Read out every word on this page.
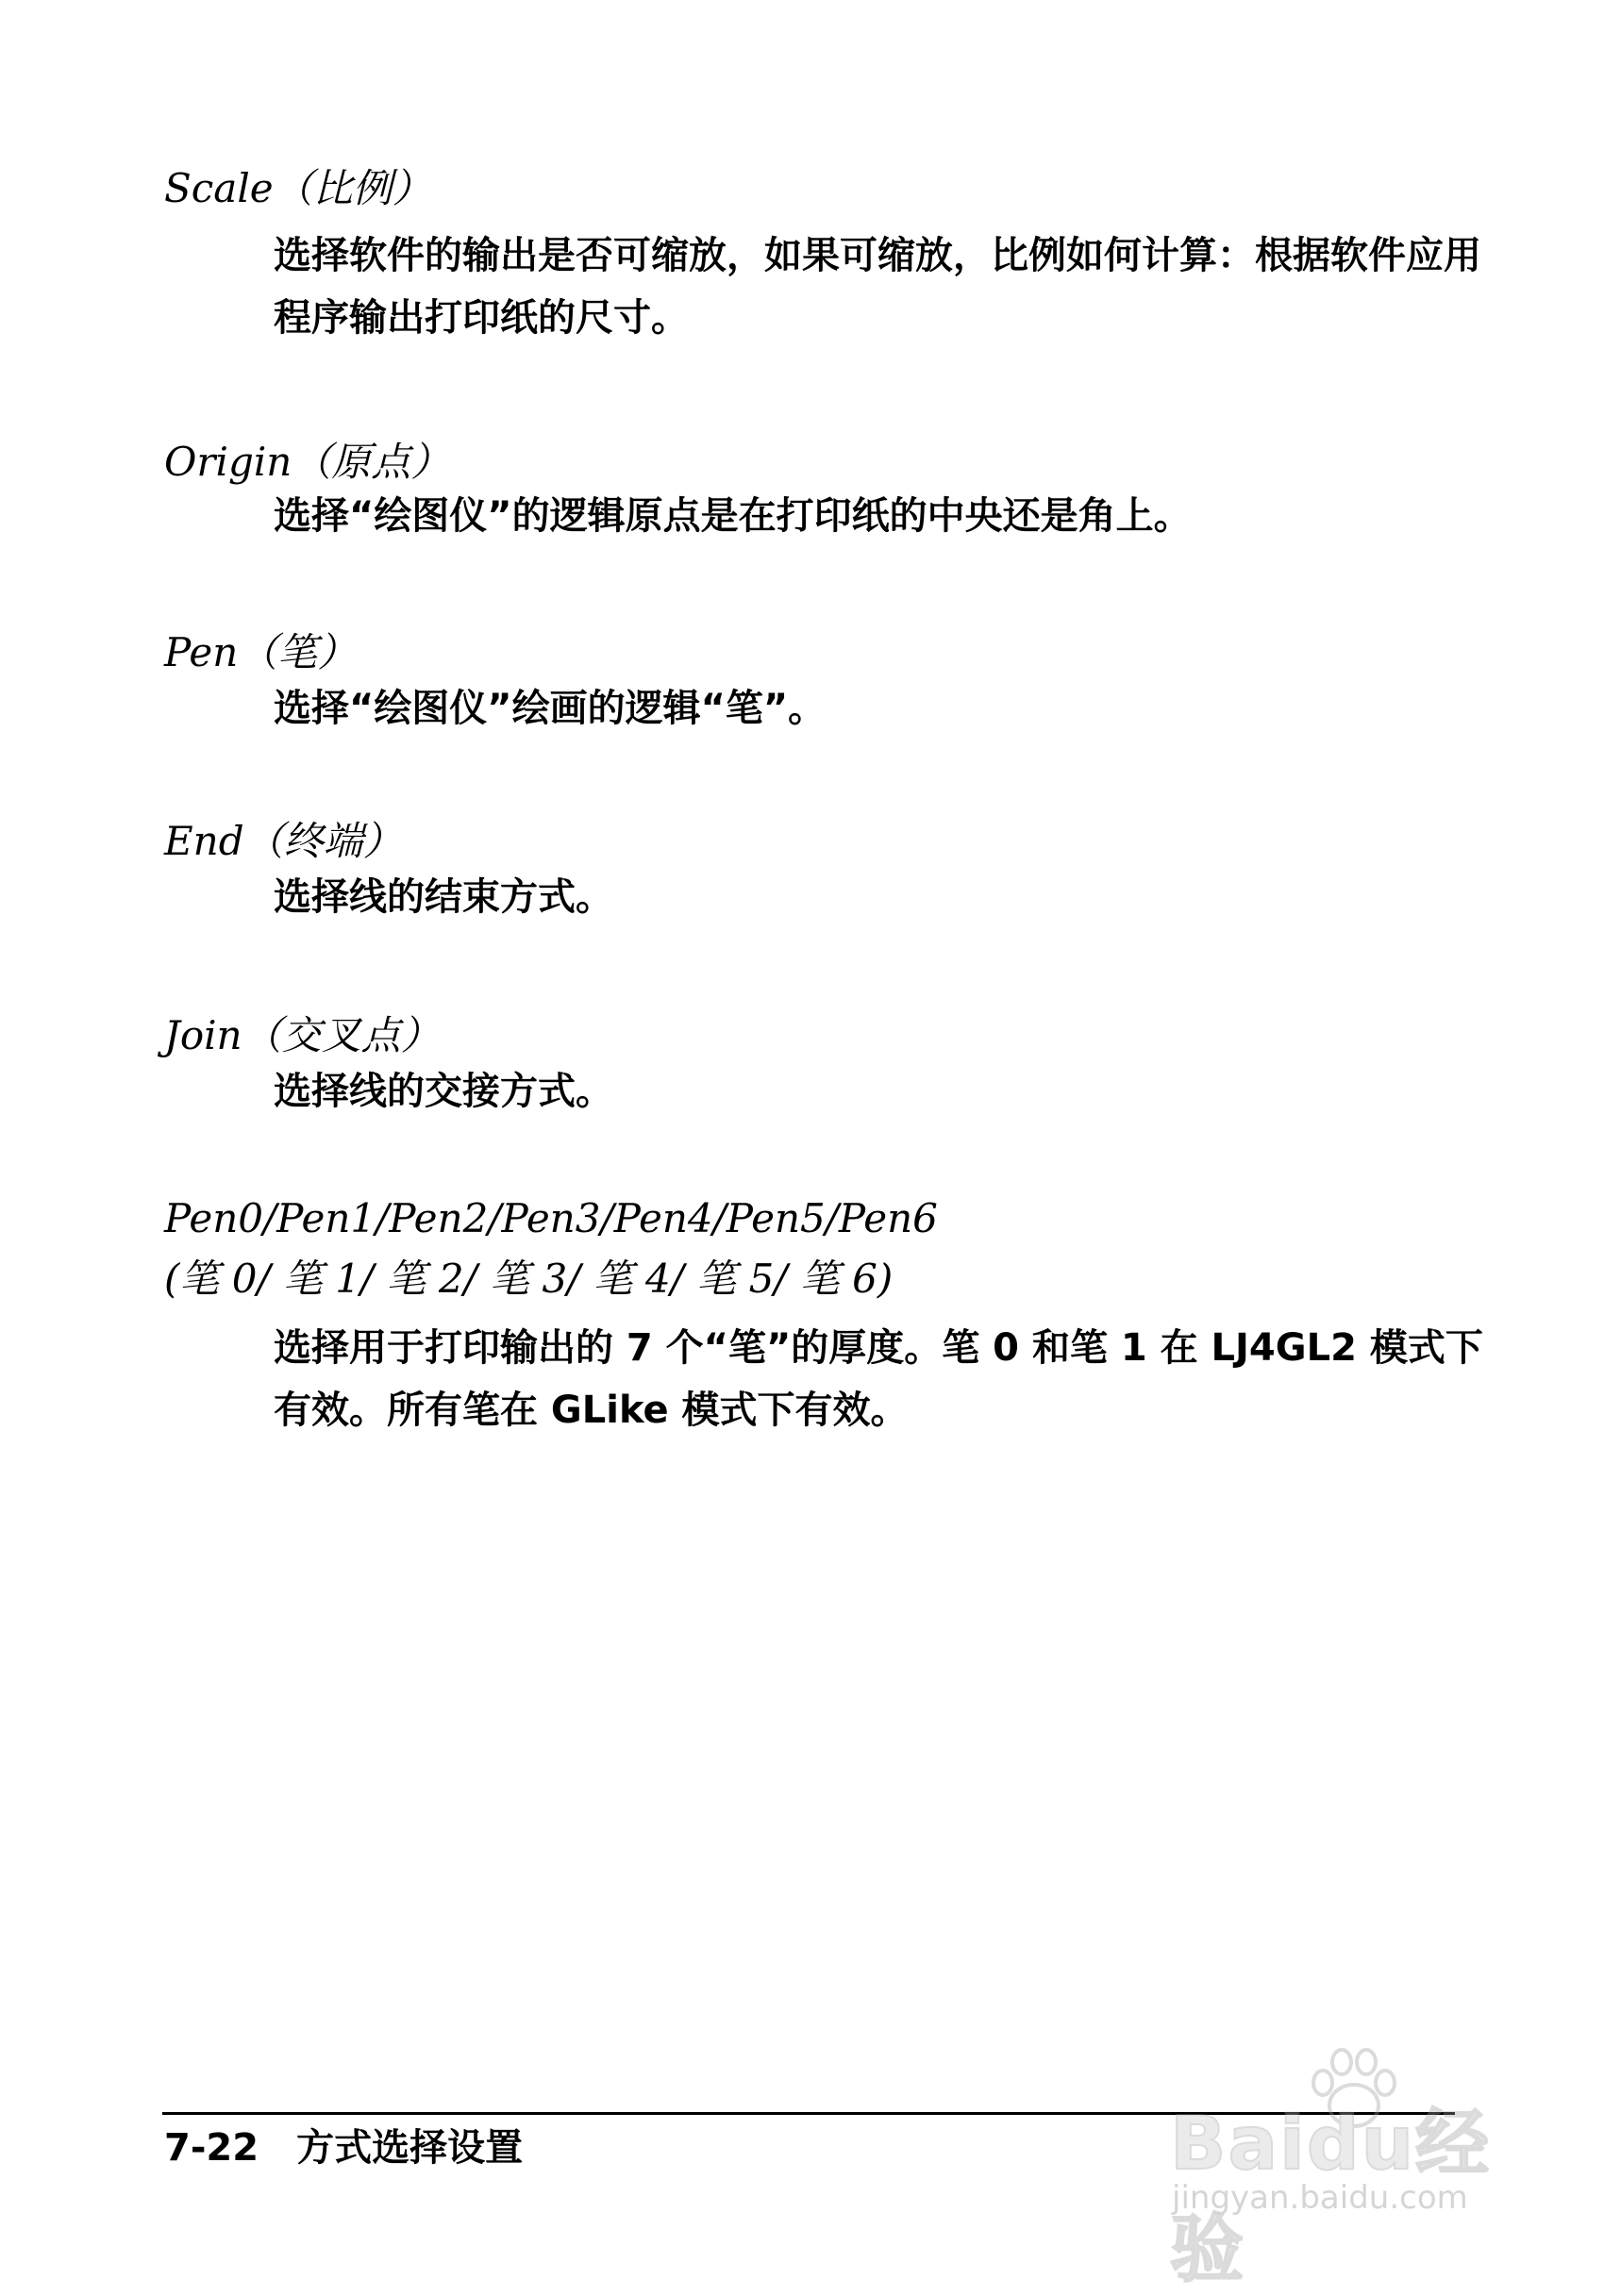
Scale（比例）
选择软件的输出是否可缩放，如果可缩放，比例如何计算：根据软件应用程序输出打印纸的尺寸。
Origin（原点）
选择“绘图仪”的逻辑原点是在打印纸的中央还是角上。
Pen（笔）
选择“绘图仪”绘画的逻辑“笔”。
End（终端）
选择线的结束方式。
Join（交叉点）
选择线的交接方式。
Pen0/Pen1/Pen2/Pen3/Pen4/Pen5/Pen6
(笔 0/ 笔 1/ 笔 2/ 笔 3/ 笔 4/ 笔 5/ 笔 6)
选择用于打印输出的 7 个“笔”的厚度。笔 0 和笔 1 在 LJ4GL2 模式下有效。所有笔在 GLike 模式下有效。
7-22 方式选择设置	Baidu经验
jingyan.baidu.com
